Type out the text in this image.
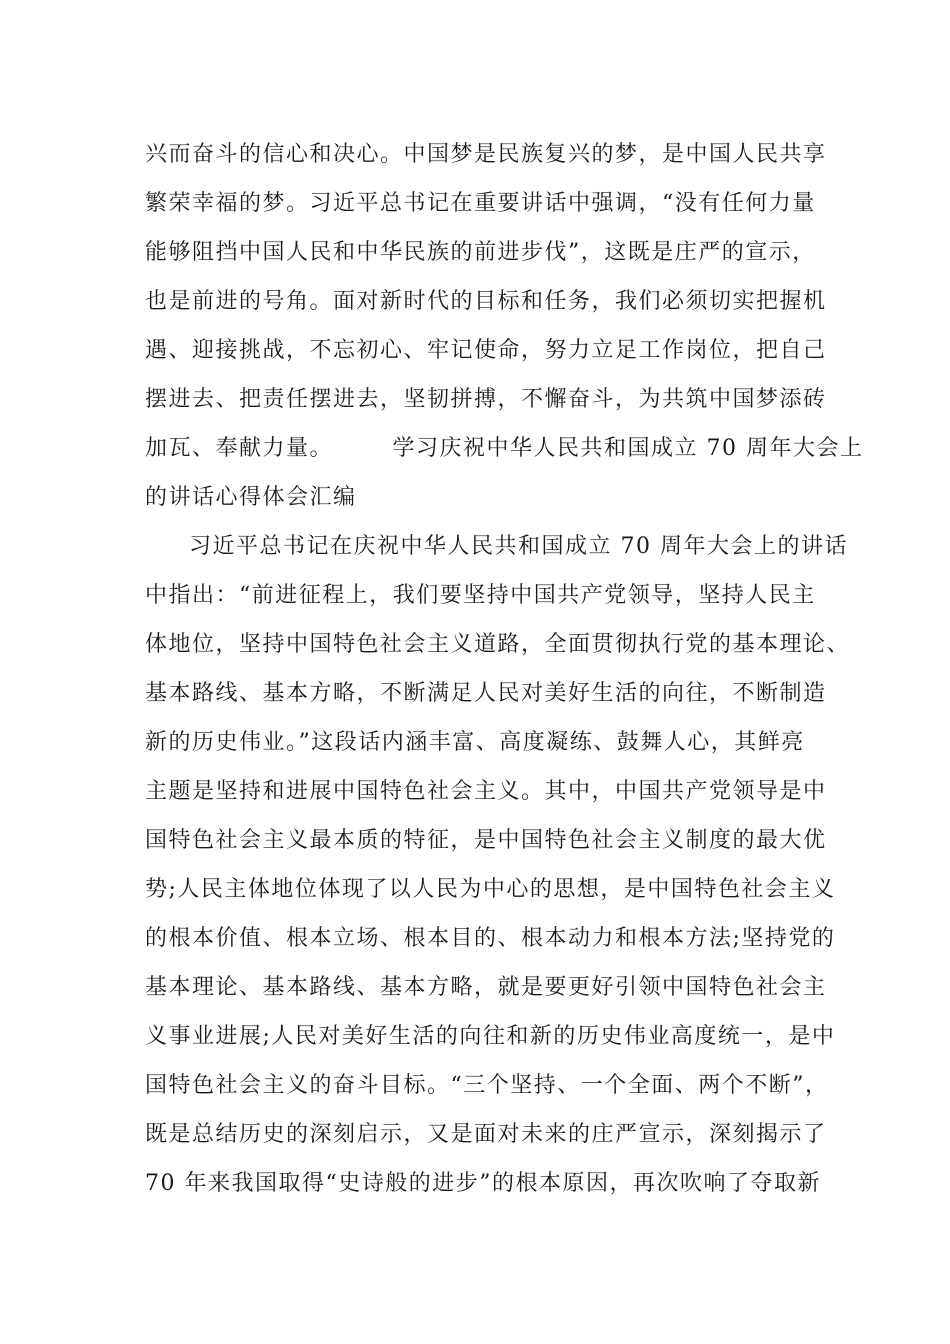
兴而奋斗的信心和决心。中国梦是民族复兴的梦，是中国人民共享
繁荣幸福的梦。习近平总书记在重要讲话中强调，“没有任何力量
能够阻挡中国人民和中华民族的前进步伐”，这既是庄严的宣示，
也是前进的号角。面对新时代的目标和任务，我们必须切实把握机
遇、迎接挑战，不忘初心、牢记使命，努力立足工作岗位，把自己
摆进去、把责任摆进去，坚韧拼搏，不懈奋斗，为共筑中国梦添砖
加瓦、奉献力量。　　　学习庆祝中华人民共和国成立 70 周年大会上
的讲话心得体会汇编
习近平总书记在庆祝中华人民共和国成立 70 周年大会上的讲话
中指出：“前进征程上，我们要坚持中国共产党领导，坚持人民主
体地位，坚持中国特色社会主义道路，全面贯彻执行党的基本理论、
基本路线、基本方略，不断满足人民对美好生活的向往，不断制造
新的历史伟业。”这段话内涵丰富、高度凝练、鼓舞人心，其鲜亮
主题是坚持和进展中国特色社会主义。其中，中国共产党领导是中
国特色社会主义最本质的特征，是中国特色社会主义制度的最大优
势;人民主体地位体现了以人民为中心的思想，是中国特色社会主义
的根本价值、根本立场、根本目的、根本动力和根本方法;坚持党的
基本理论、基本路线、基本方略，就是要更好引领中国特色社会主
义事业进展;人民对美好生活的向往和新的历史伟业高度统一，是中
国特色社会主义的奋斗目标。“三个坚持、一个全面、两个不断”，
既是总结历史的深刻启示，又是面对未来的庄严宣示，深刻揭示了
70 年来我国取得“史诗般的进步”的根本原因，再次吹响了夺取新
